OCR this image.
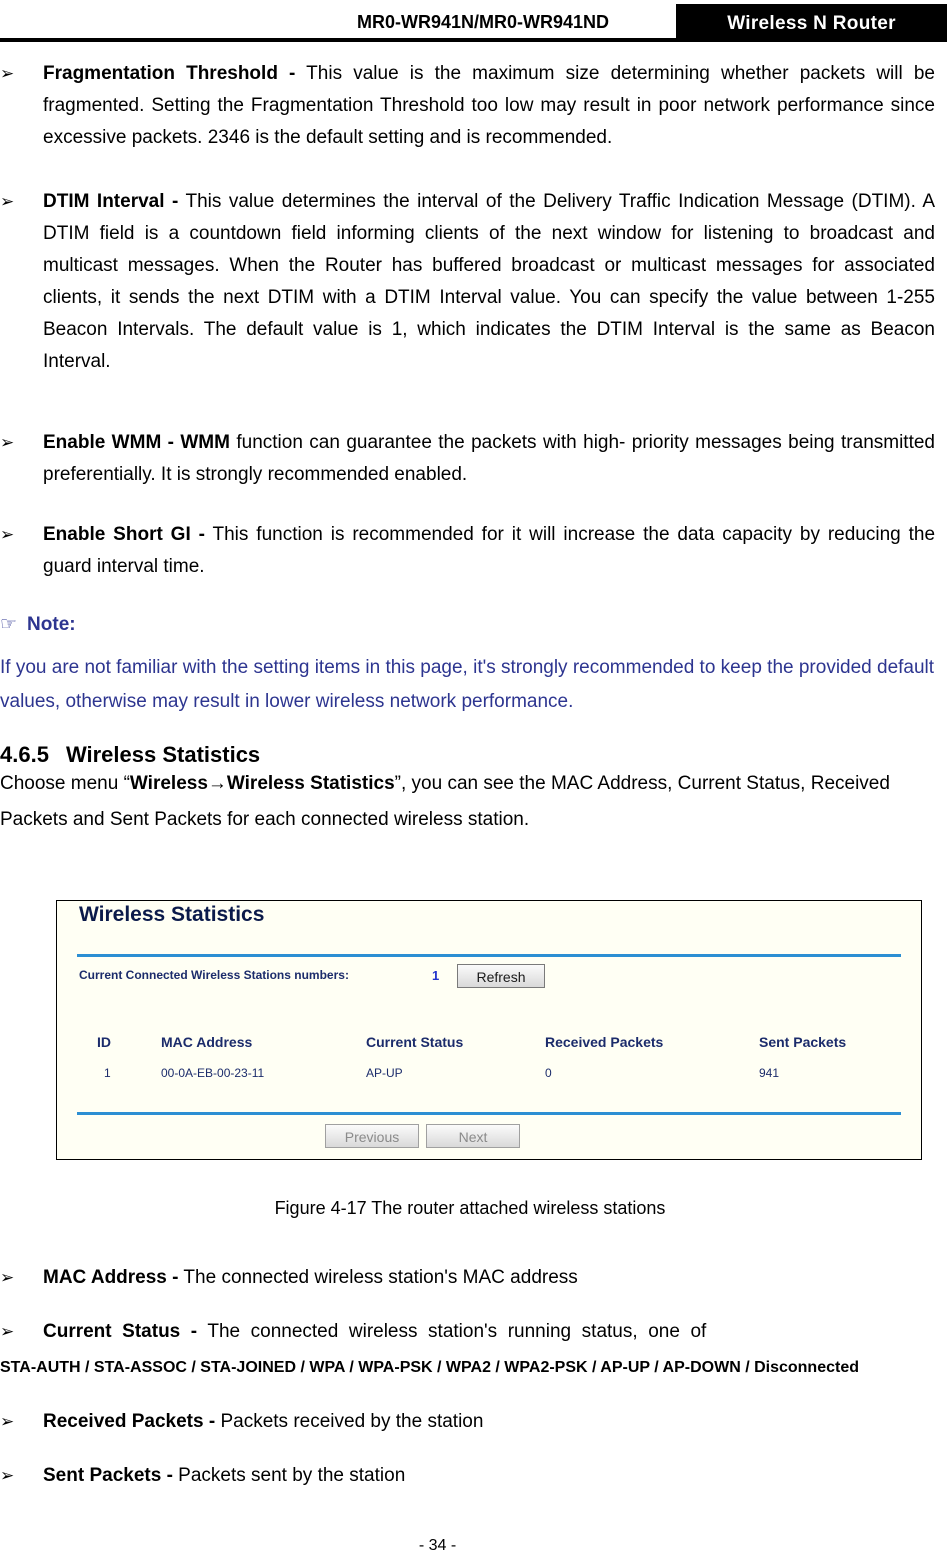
MR0-WR941N/MR0-WR941ND	Wireless N Router
➢ Fragmentation Threshold - This value is the maximum size determining whether packets will be fragmented. Setting the Fragmentation Threshold too low may result in poor network performance since excessive packets. 2346 is the default setting and is recommended.
➢ DTIM Interval - This value determines the interval of the Delivery Traffic Indication Message (DTIM). A DTIM field is a countdown field informing clients of the next window for listening to broadcast and multicast messages. When the Router has buffered broadcast or multicast messages for associated clients, it sends the next DTIM with a DTIM Interval value. You can specify the value between 1-255 Beacon Intervals. The default value is 1, which indicates the DTIM Interval is the same as Beacon Interval.
➢ Enable WMM - WMM function can guarantee the packets with high- priority messages being transmitted preferentially. It is strongly recommended enabled.
➢ Enable Short GI - This function is recommended for it will increase the data capacity by reducing the guard interval time.
☞ Note:
If you are not familiar with the setting items in this page, it's strongly recommended to keep the provided default values, otherwise may result in lower wireless network performance.
4.6.5 Wireless Statistics
Choose menu “Wireless→Wireless Statistics”, you can see the MAC Address, Current Status, Received Packets and Sent Packets for each connected wireless station.
Wireless Statistics
Current Connected Wireless Stations numbers:	1	Refresh
ID	MAC Address	Current Status	Received Packets	Sent Packets
1	00-0A-EB-00-23-11	AP-UP	0	941
Previous	Next
Figure 4-17 The router attached wireless stations
➢ MAC Address - The connected wireless station's MAC address
➢ Current  Status  -  The  connected  wireless  station's  running  status,  one  of
STA-AUTH / STA-ASSOC / STA-JOINED / WPA / WPA-PSK / WPA2 / WPA2-PSK / AP-UP / AP-DOWN / Disconnected
➢ Received Packets - Packets received by the station
➢ Sent Packets - Packets sent by the station
- 34 -
